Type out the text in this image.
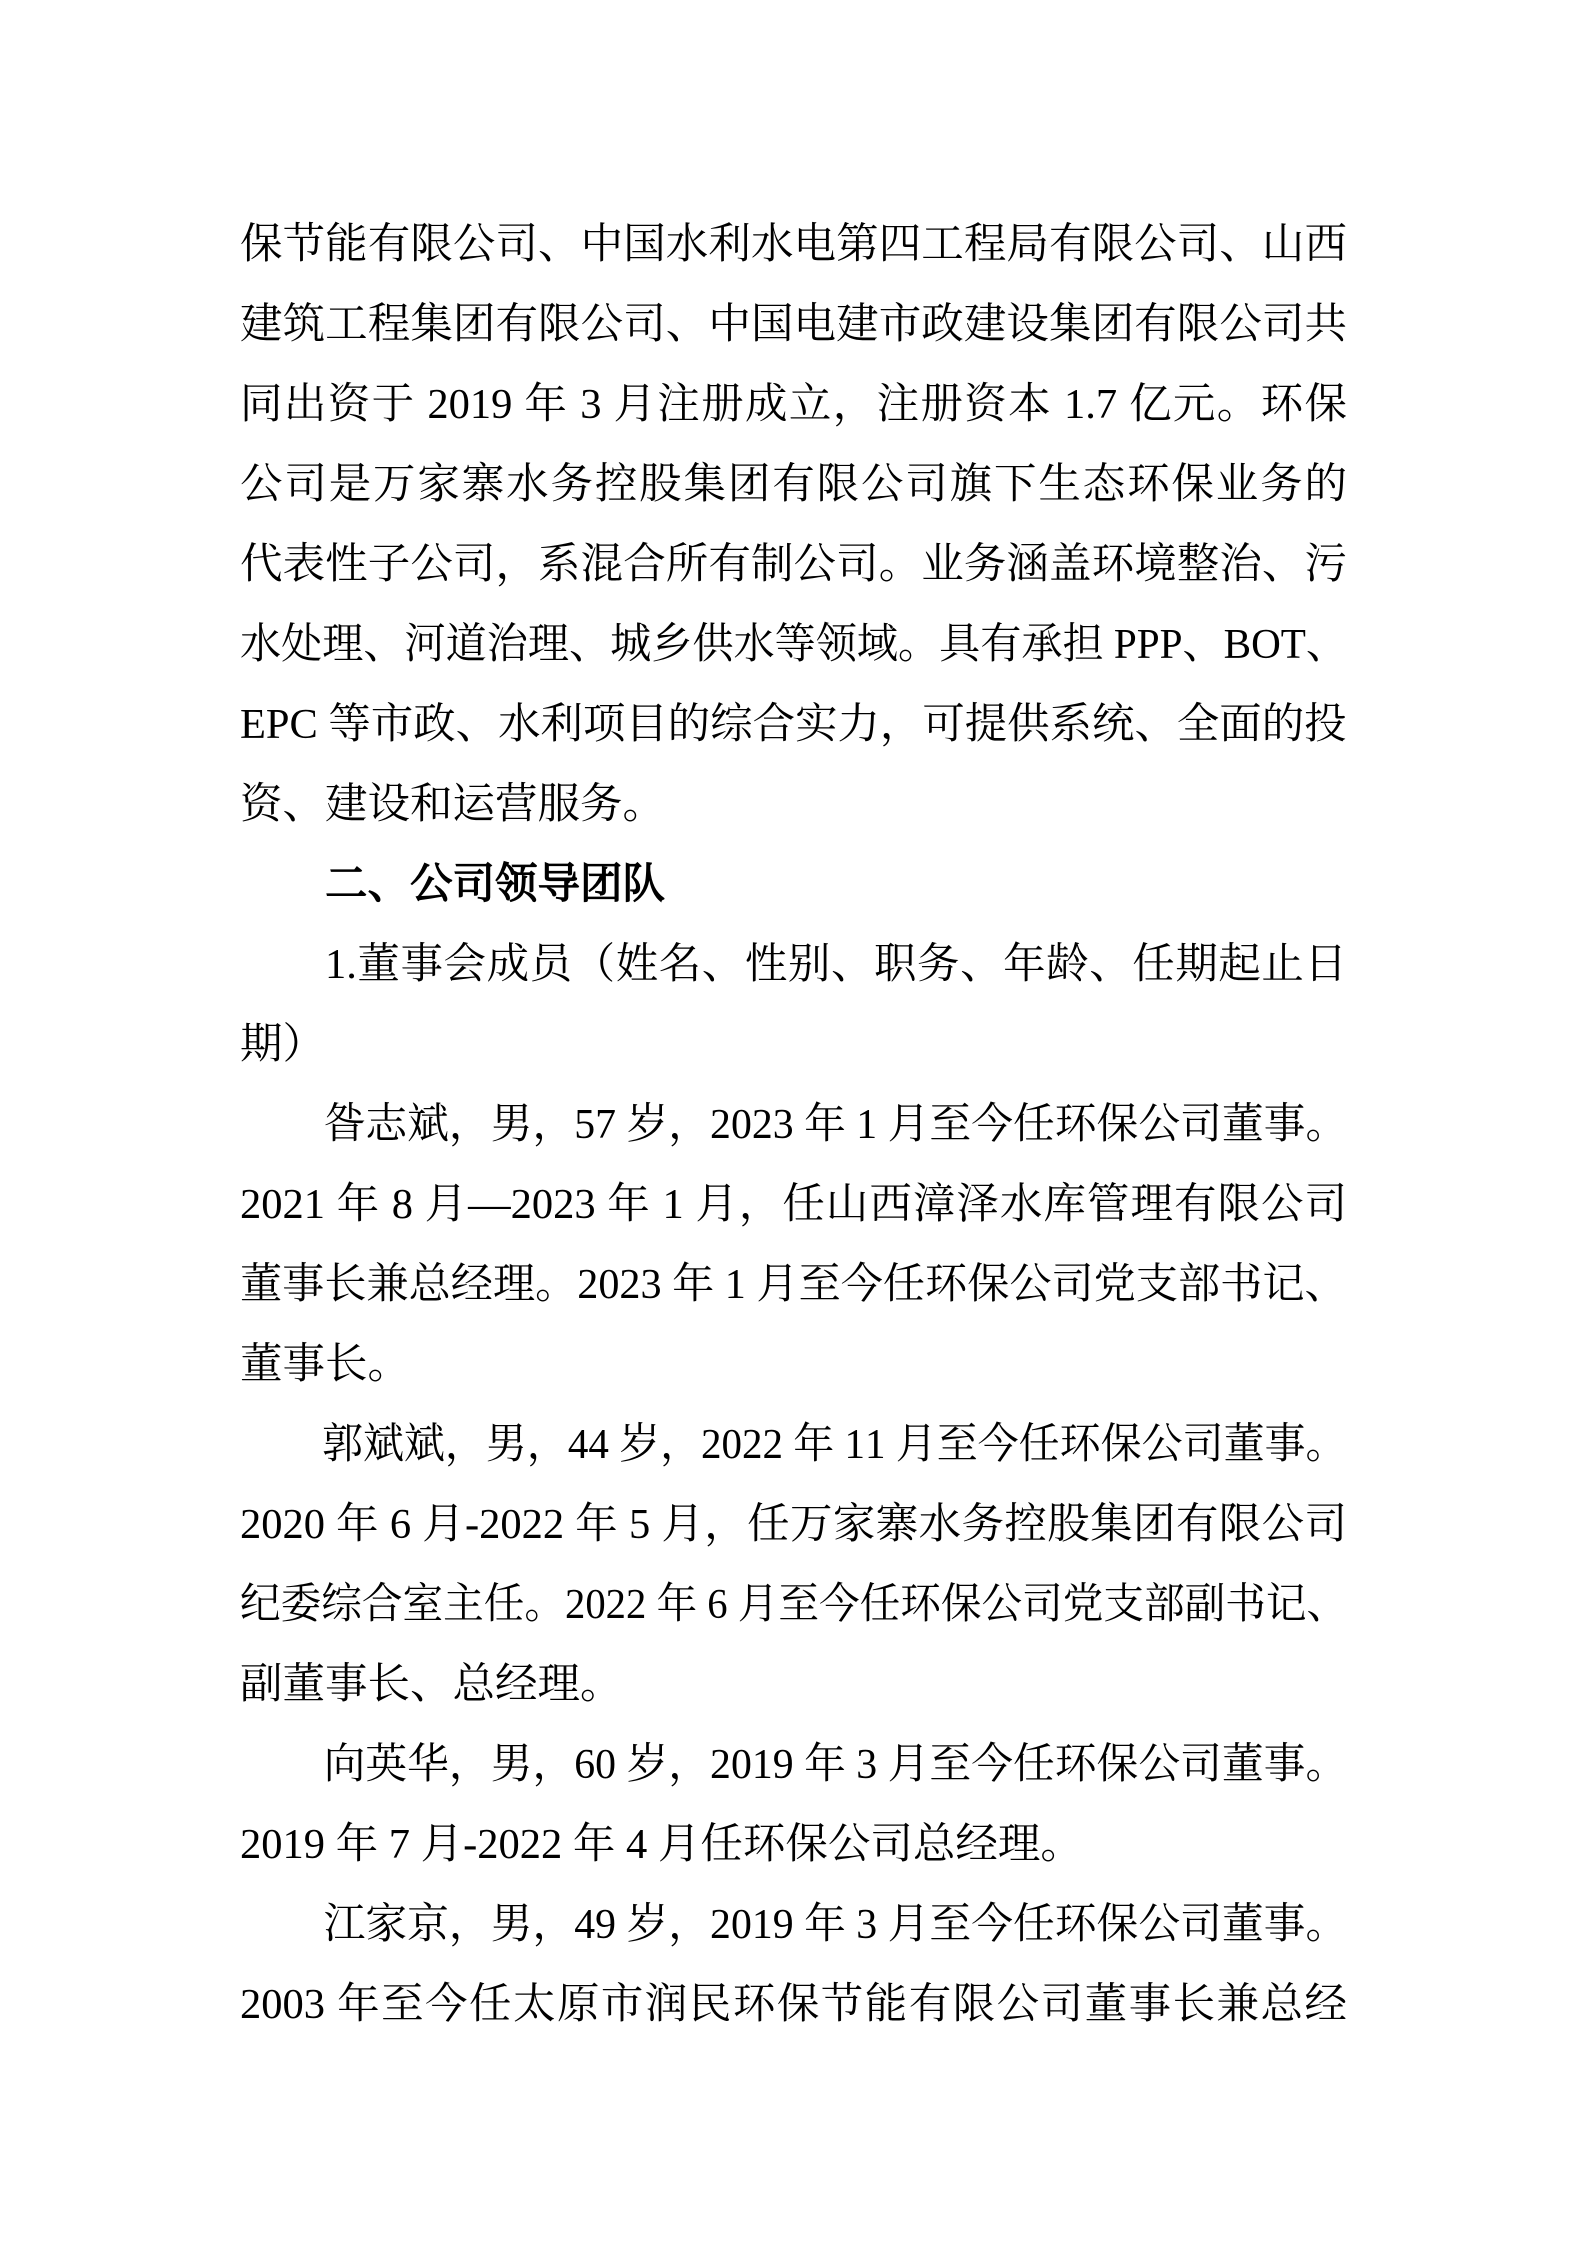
保节能有限公司、中国水利水电第四工程局有限公司、山西
建筑工程集团有限公司、中国电建市政建设集团有限公司共
同出资于 2019 年 3 月注册成立，注册资本 1.7 亿元。环保
公司是万家寨水务控股集团有限公司旗下生态环保业务的
代表性子公司，系混合所有制公司。业务涵盖环境整治、污
水处理、河道治理、城乡供水等领域。具有承担 PPP、BOT、
EPC 等市政、水利项目的综合实力，可提供系统、全面的投
资、建设和运营服务。
二、公司领导团队
1.董事会成员（姓名、性别、职务、年龄、任期起止日
期）
昝志斌，男，57 岁，2023 年 1 月至今任环保公司董事。
2021 年 8 月—2023 年 1 月，任山西漳泽水库管理有限公司
董事长兼总经理。2023 年 1 月至今任环保公司党支部书记、
董事长。
郭斌斌，男，44 岁，2022 年 11 月至今任环保公司董事。
2020 年 6 月-2022 年 5 月，任万家寨水务控股集团有限公司
纪委综合室主任。2022 年 6 月至今任环保公司党支部副书记、
副董事长、总经理。
向英华，男，60 岁，2019 年 3 月至今任环保公司董事。
2019 年 7 月-2022 年 4 月任环保公司总经理。
江家京，男，49 岁，2019 年 3 月至今任环保公司董事。
2003 年至今任太原市润民环保节能有限公司董事长兼总经
